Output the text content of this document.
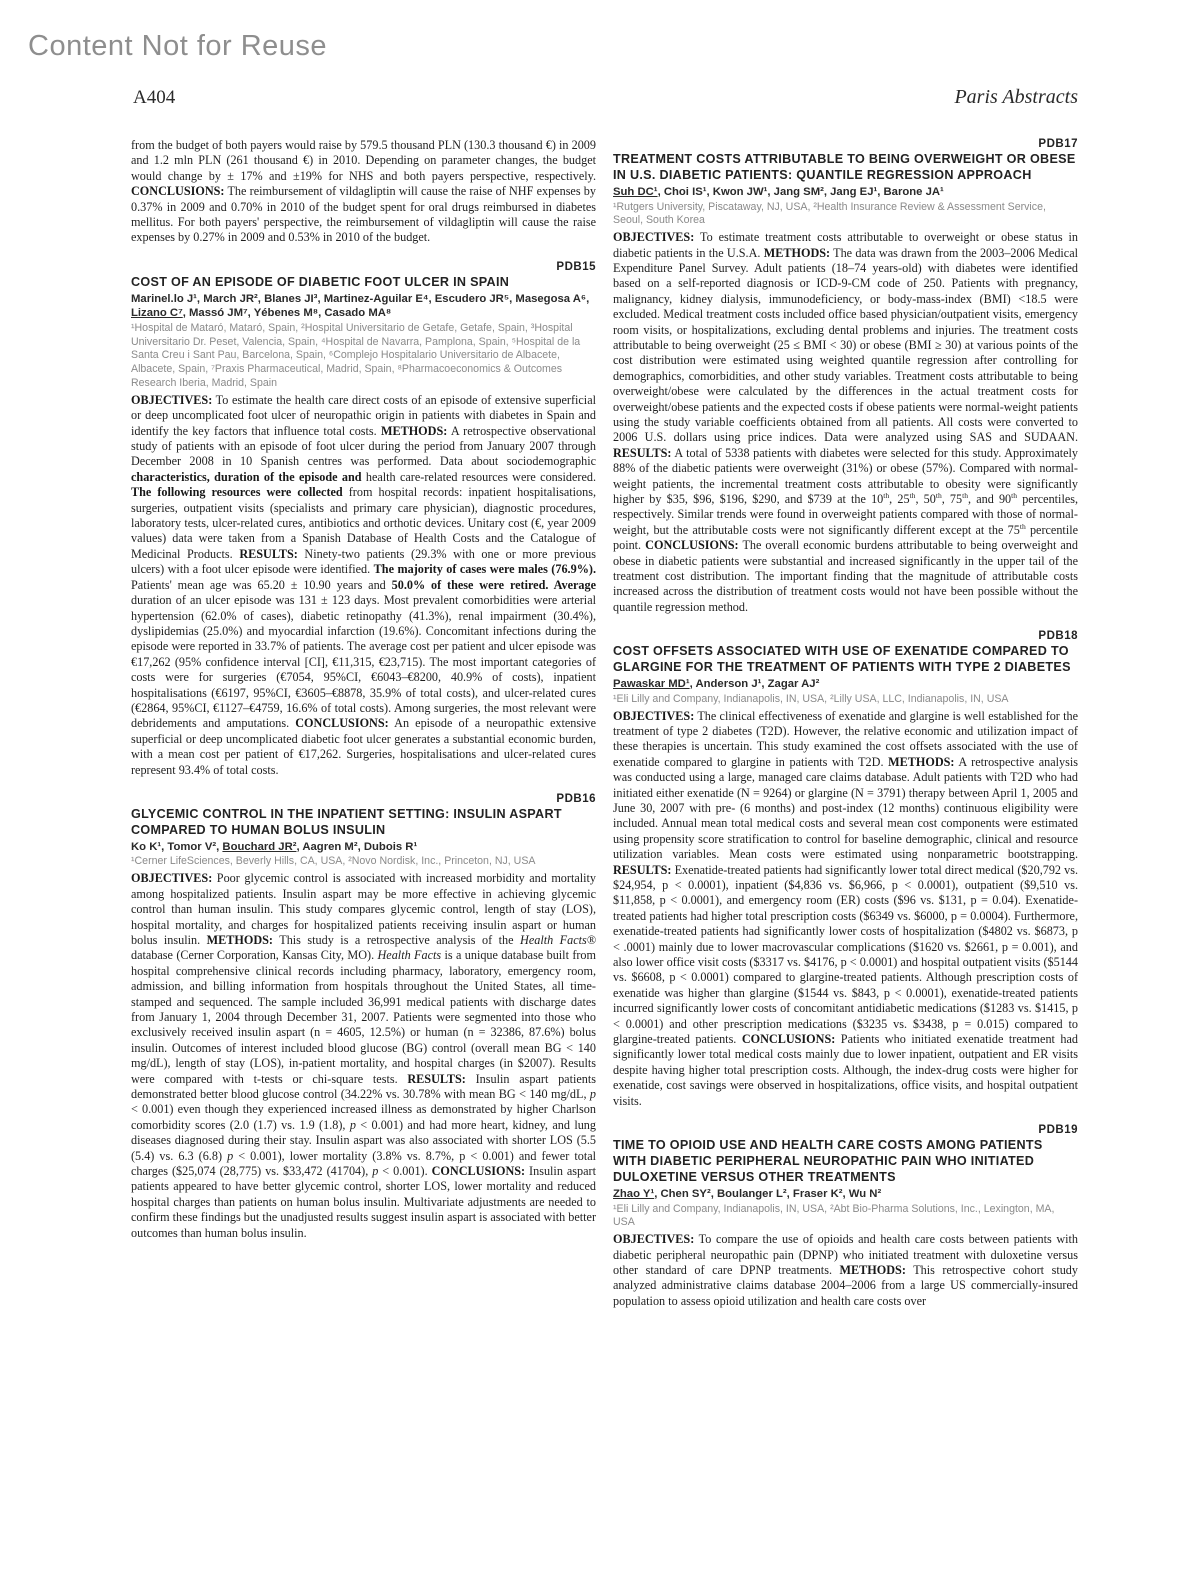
Content Not for Reuse
A404	Paris Abstracts

from the budget of both payers would raise by 579.5 thousand PLN (130.3 thousand €) in 2009 and 1.2 mln PLN (261 thousand €) in 2010. Depending on parameter changes, the budget would change by ± 17% and ±19% for NHS and both payers perspective, respectively. CONCLUSIONS: The reimbursement of vildagliptin will cause the raise of NHF expenses by 0.37% in 2009 and 0.70% in 2010 of the budget spent for oral drugs reimbursed in diabetes mellitus. For both payers' perspective, the reimbursement of vildagliptin will cause the raise expenses by 0.27% in 2009 and 0.53% in 2010 of the budget.

PDB15
COST OF AN EPISODE OF DIABETIC FOOT ULCER IN SPAIN

Marinel.lo J¹, March JR², Blanes JI³, Martinez-Aguilar E⁴, Escudero JR⁵, Masegosa A⁶, Lizano C⁷, Massó JM⁷, Yébenes M⁸, Casado MA⁸

¹Hospital de Mataró, Mataró, Spain, ²Hospital Universitario de Getafe, Getafe, Spain, ³Hospital Universitario Dr. Peset, Valencia, Spain, ⁴Hospital de Navarra, Pamplona, Spain, ⁵Hospital de la Santa Creu i Sant Pau, Barcelona, Spain, ⁶Complejo Hospitalario Universitario de Albacete, Albacete, Spain, ⁷Praxis Pharmaceutical, Madrid, Spain, ⁸Pharmacoeconomics & Outcomes Research Iberia, Madrid, Spain

OBJECTIVES: To estimate the health care direct costs of an episode of extensive superficial or deep uncomplicated foot ulcer of neuropathic origin in patients with diabetes in Spain and identify the key factors that influence total costs. METHODS: A retrospective observational study of patients with an episode of foot ulcer during the period from January 2007 through December 2008 in 10 Spanish centres was performed. Data about sociodemographic characteristics, duration of the episode and health care-related resources were considered. The following resources were collected from hospital records: inpatient hospitalisations, surgeries, outpatient visits (specialists and primary care physician), diagnostic procedures, laboratory tests, ulcer-related cures, antibiotics and orthotic devices. Unitary cost (€, year 2009 values) data were taken from a Spanish Database of Health Costs and the Catalogue of Medicinal Products. RESULTS: Ninety-two patients (29.3% with one or more previous ulcers) with a foot ulcer episode were identified. The majority of cases were males (76.9%). Patients' mean age was 65.20 ± 10.90 years and 50.0% of these were retired. Average duration of an ulcer episode was 131 ± 123 days. Most prevalent comorbidities were arterial hypertension (62.0% of cases), diabetic retinopathy (41.3%), renal impairment (30.4%), dyslipidemias (25.0%) and myocardial infarction (19.6%). Concomitant infections during the episode were reported in 33.7% of patients. The average cost per patient and ulcer episode was €17,262 (95% confidence interval [CI], €11,315, €23,715). The most important categories of costs were for surgeries (€7054, 95%CI, €6043–€8200, 40.9% of costs), inpatient hospitalisations (€6197, 95%CI, €3605–€8878, 35.9% of total costs), and ulcer-related cures (€2864, 95%CI, €1127–€4759, 16.6% of total costs). Among surgeries, the most relevant were debridements and amputations. CONCLUSIONS: An episode of a neuropathic extensive superficial or deep uncomplicated diabetic foot ulcer generates a substantial economic burden, with a mean cost per patient of €17,262. Surgeries, hospitalisations and ulcer-related cures represent 93.4% of total costs.

PDB16
GLYCEMIC CONTROL IN THE INPATIENT SETTING: INSULIN ASPART COMPARED TO HUMAN BOLUS INSULIN

Ko K¹, Tomor V², Bouchard JR², Aagren M², Dubois R¹

¹Cerner LifeSciences, Beverly Hills, CA, USA, ²Novo Nordisk, Inc., Princeton, NJ, USA

OBJECTIVES: Poor glycemic control is associated with increased morbidity and mortality among hospitalized patients. Insulin aspart may be more effective in achieving glycemic control than human insulin. This study compares glycemic control, length of stay (LOS), hospital mortality, and charges for hospitalized patients receiving insulin aspart or human bolus insulin. METHODS: This study is a retrospective analysis of the Health Facts® database (Cerner Corporation, Kansas City, MO). Health Facts is a unique database built from hospital comprehensive clinical records including pharmacy, laboratory, emergency room, admission, and billing information from hospitals throughout the United States, all time-stamped and sequenced. The sample included 36,991 medical patients with discharge dates from January 1, 2004 through December 31, 2007. Patients were segmented into those who exclusively received insulin aspart (n = 4605, 12.5%) or human (n = 32386, 87.6%) bolus insulin. Outcomes of interest included blood glucose (BG) control (overall mean BG < 140 mg/dL), length of stay (LOS), in-patient mortality, and hospital charges (in $2007). Results were compared with t-tests or chi-square tests. RESULTS: Insulin aspart patients demonstrated better blood glucose control (34.22% vs. 30.78% with mean BG < 140 mg/dL, p < 0.001) even though they experienced increased illness as demonstrated by higher Charlson comorbidity scores (2.0 (1.7) vs. 1.9 (1.8), p < 0.001) and had more heart, kidney, and lung diseases diagnosed during their stay. Insulin aspart was also associated with shorter LOS (5.5 (5.4) vs. 6.3 (6.8) p < 0.001), lower mortality (3.8% vs. 8.7%, p < 0.001) and fewer total charges ($25,074 (28,775) vs. $33,472 (41704), p < 0.001). CONCLUSIONS: Insulin aspart patients appeared to have better glycemic control, shorter LOS, lower mortality and reduced hospital charges than patients on human bolus insulin. Multivariate adjustments are needed to confirm these findings but the unadjusted results suggest insulin aspart is associated with better outcomes than human bolus insulin.

PDB17
TREATMENT COSTS ATTRIBUTABLE TO BEING OVERWEIGHT OR OBESE IN U.S. DIABETIC PATIENTS: QUANTILE REGRESSION APPROACH

Suh DC¹, Choi IS¹, Kwon JW¹, Jang SM², Jang EJ¹, Barone JA¹

¹Rutgers University, Piscataway, NJ, USA, ²Health Insurance Review & Assessment Service, Seoul, South Korea

OBJECTIVES: To estimate treatment costs attributable to overweight or obese status in diabetic patients in the U.S.A. METHODS: The data was drawn from the 2003–2006 Medical Expenditure Panel Survey. Adult patients (18–74 years-old) with diabetes were identified based on a self-reported diagnosis or ICD-9-CM code of 250. Patients with pregnancy, malignancy, kidney dialysis, immunodeficiency, or body-mass-index (BMI) <18.5 were excluded. Medical treatment costs included office based physician/outpatient visits, emergency room visits, or hospitalizations, excluding dental problems and injuries. The treatment costs attributable to being overweight (25 ≤ BMI < 30) or obese (BMI ≥ 30) at various points of the cost distribution were estimated using weighted quantile regression after controlling for demographics, comorbidities, and other study variables. Treatment costs attributable to being overweight/obese were calculated by the differences in the actual treatment costs for overweight/obese patients and the expected costs if obese patients were normal-weight patients using the study variable coefficients obtained from all patients. All costs were converted to 2006 U.S. dollars using price indices. Data were analyzed using SAS and SUDAAN. RESULTS: A total of 5338 patients with diabetes were selected for this study. Approximately 88% of the diabetic patients were overweight (31%) or obese (57%). Compared with normal-weight patients, the incremental treatment costs attributable to obesity were significantly higher by $35, $96, $196, $290, and $739 at the 10th, 25th, 50th, 75th, and 90th percentiles, respectively. Similar trends were found in overweight patients compared with those of normal-weight, but the attributable costs were not significantly different except at the 75th percentile point. CONCLUSIONS: The overall economic burdens attributable to being overweight and obese in diabetic patients were substantial and increased significantly in the upper tail of the treatment cost distribution. The important finding that the magnitude of attributable costs increased across the distribution of treatment costs would not have been possible without the quantile regression method.

PDB18
COST OFFSETS ASSOCIATED WITH USE OF EXENATIDE COMPARED TO GLARGINE FOR THE TREATMENT OF PATIENTS WITH TYPE 2 DIABETES

Pawaskar MD¹, Anderson J¹, Zagar AJ²

¹Eli Lilly and Company, Indianapolis, IN, USA, ²Lilly USA, LLC, Indianapolis, IN, USA

OBJECTIVES: The clinical effectiveness of exenatide and glargine is well established for the treatment of type 2 diabetes (T2D). However, the relative economic and utilization impact of these therapies is uncertain. This study examined the cost offsets associated with the use of exenatide compared to glargine in patients with T2D. METHODS: A retrospective analysis was conducted using a large, managed care claims database. Adult patients with T2D who had initiated either exenatide (N = 9264) or glargine (N = 3791) therapy between April 1, 2005 and June 30, 2007 with pre- (6 months) and post-index (12 months) continuous eligibility were included. Annual mean total medical costs and several mean cost components were estimated using propensity score stratification to control for baseline demographic, clinical and resource utilization variables. Mean costs were estimated using nonparametric bootstrapping. RESULTS: Exenatide-treated patients had significantly lower total direct medical ($20,792 vs. $24,954, p < 0.0001), inpatient ($4,836 vs. $6,966, p < 0.0001), outpatient ($9,510 vs. $11,858, p < 0.0001), and emergency room (ER) costs ($96 vs. $131, p = 0.04). Exenatide-treated patients had higher total prescription costs ($6349 vs. $6000, p = 0.0004). Furthermore, exenatide-treated patients had significantly lower costs of hospitalization ($4802 vs. $6873, p < .0001) mainly due to lower macrovascular complications ($1620 vs. $2661, p = 0.001), and also lower office visit costs ($3317 vs. $4176, p < 0.0001) and hospital outpatient visits ($5144 vs. $6608, p < 0.0001) compared to glargine-treated patients. Although prescription costs of exenatide was higher than glargine ($1544 vs. $843, p < 0.0001), exenatide-treated patients incurred significantly lower costs of concomitant antidiabetic medications ($1283 vs. $1415, p < 0.0001) and other prescription medications ($3235 vs. $3438, p = 0.015) compared to glargine-treated patients. CONCLUSIONS: Patients who initiated exenatide treatment had significantly lower total medical costs mainly due to lower inpatient, outpatient and ER visits despite having higher total prescription costs. Although, the index-drug costs were higher for exenatide, cost savings were observed in hospitalizations, office visits, and hospital outpatient visits.

PDB19
TIME TO OPIOID USE AND HEALTH CARE COSTS AMONG PATIENTS WITH DIABETIC PERIPHERAL NEUROPATHIC PAIN WHO INITIATED DULOXETINE VERSUS OTHER TREATMENTS

Zhao Y¹, Chen SY², Boulanger L², Fraser K², Wu N²

¹Eli Lilly and Company, Indianapolis, IN, USA, ²Abt Bio-Pharma Solutions, Inc., Lexington, MA, USA

OBJECTIVES: To compare the use of opioids and health care costs between patients with diabetic peripheral neuropathic pain (DPNP) who initiated treatment with duloxetine versus other standard of care DPNP treatments. METHODS: This retrospective cohort study analyzed administrative claims database 2004–2006 from a large US commercially-insured population to assess opioid utilization and health care costs over
